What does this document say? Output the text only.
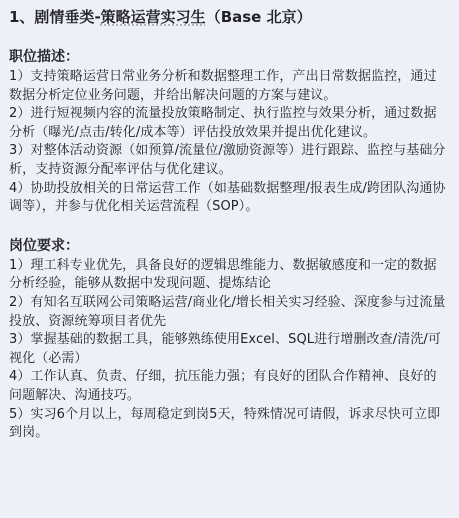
1、剧情垂类-策略运营实习生（Base 北京）
职位描述：

1）支持策略运营日常业务分析和数据整理工作，产出日常数据监控，通过数据分析定位业务问题，并给出解决问题的方案与建议。

2）进行短视频内容的流量投放策略制定、执行监控与效果分析，通过数据分析（曝光/点击/转化/成本等）评估投放效果并提出优化建议。

3）对整体活动资源（如预算/流量位/激励资源等）进行跟踪、监控与基础分析，支持资源分配率评估与优化建议。

4）协助投放相关的日常运营工作（如基础数据整理/报表生成/跨团队沟通协调等），并参与优化相关运营流程（SOP）。

岗位要求：

1）理工科专业优先，具备良好的逻辑思维能力、数据敏感度和一定的数据分析经验，能够从数据中发现问题、提炼结论

2）有知名互联网公司策略运营/商业化/增长相关实习经验、深度参与过流量投放、资源统筹项目者优先

3）掌握基础的数据工具，能够熟练使用Excel、SQL进行增删改查/清洗/可视化（必需）

4）工作认真、负责、仔细，抗压能力强；有良好的团队合作精神、良好的问题解决、沟通技巧。

5）实习6个月以上，每周稳定到岗5天，特殊情况可请假，诉求尽快可立即到岗。
